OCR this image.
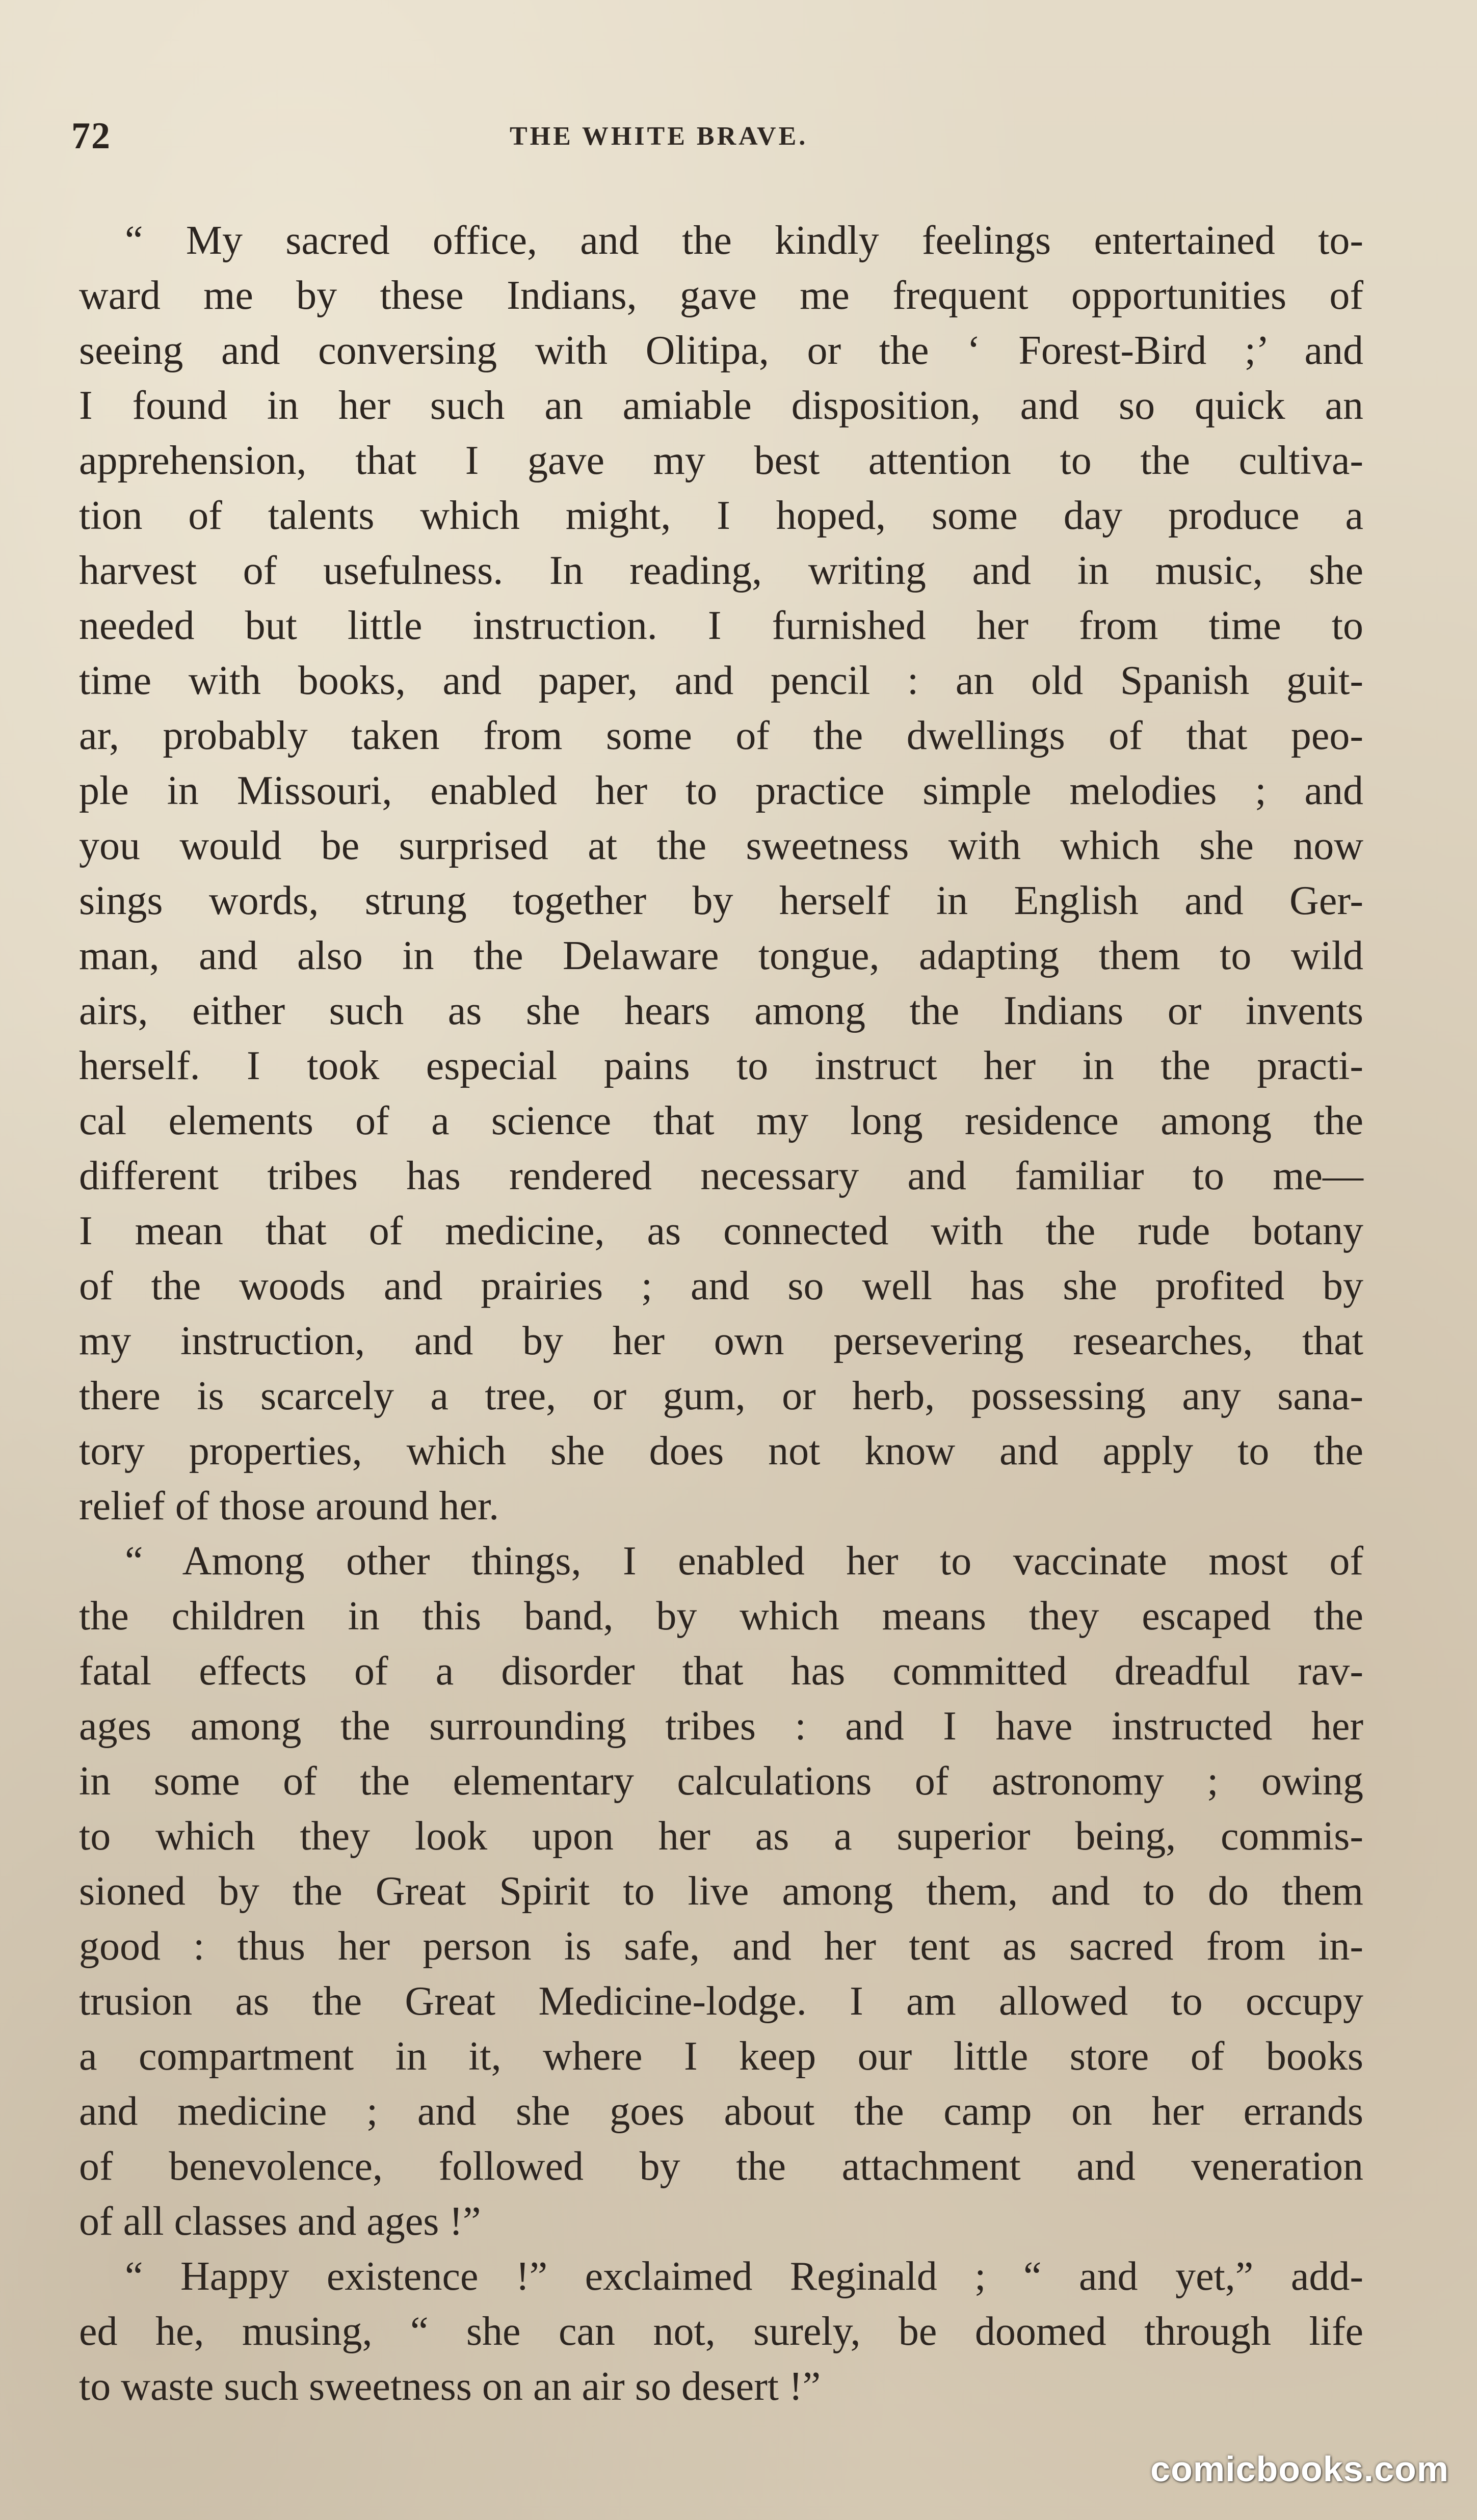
72	THE WHITE BRAVE.
“ My sacred office, and the kindly feelings entertained to-
ward me by these Indians, gave me frequent opportunities of
seeing and conversing with Olitipa, or the ‘ Forest-Bird ;’ and
I found in her such an amiable disposition, and so quick an
apprehension, that I gave my best attention to the cultiva-
tion of talents which might, I hoped, some day produce a
harvest of usefulness. In reading, writing and in music, she
needed but little instruction. I furnished her from time to
time with books, and paper, and pencil : an old Spanish guit-
ar, probably taken from some of the dwellings of that peo-
ple in Missouri, enabled her to practice simple melodies ; and
you would be surprised at the sweetness with which she now
sings words, strung together by herself in English and Ger-
man, and also in the Delaware tongue, adapting them to wild
airs, either such as she hears among the Indians or invents
herself. I took especial pains to instruct her in the practi-
cal elements of a science that my long residence among the
different tribes has rendered necessary and familiar to me—
I mean that of medicine, as connected with the rude botany
of the woods and prairies ; and so well has she profited by
my instruction, and by her own persevering researches, that
there is scarcely a tree, or gum, or herb, possessing any sana-
tory properties, which she does not know and apply to the
relief of those around her.
“ Among other things, I enabled her to vaccinate most of
the children in this band, by which means they escaped the
fatal effects of a disorder that has committed dreadful rav-
ages among the surrounding tribes : and I have instructed her
in some of the elementary calculations of astronomy ; owing
to which they look upon her as a superior being, commis-
sioned by the Great Spirit to live among them, and to do them
good : thus her person is safe, and her tent as sacred from in-
trusion as the Great Medicine-lodge. I am allowed to occupy
a compartment in it, where I keep our little store of books
and medicine ; and she goes about the camp on her errands
of benevolence, followed by the attachment and veneration
of all classes and ages !”
“ Happy existence !” exclaimed Reginald ; “ and yet,” add-
ed he, musing, “ she can not, surely, be doomed through life
to waste such sweetness on an air so desert !”
comicbooks.com
